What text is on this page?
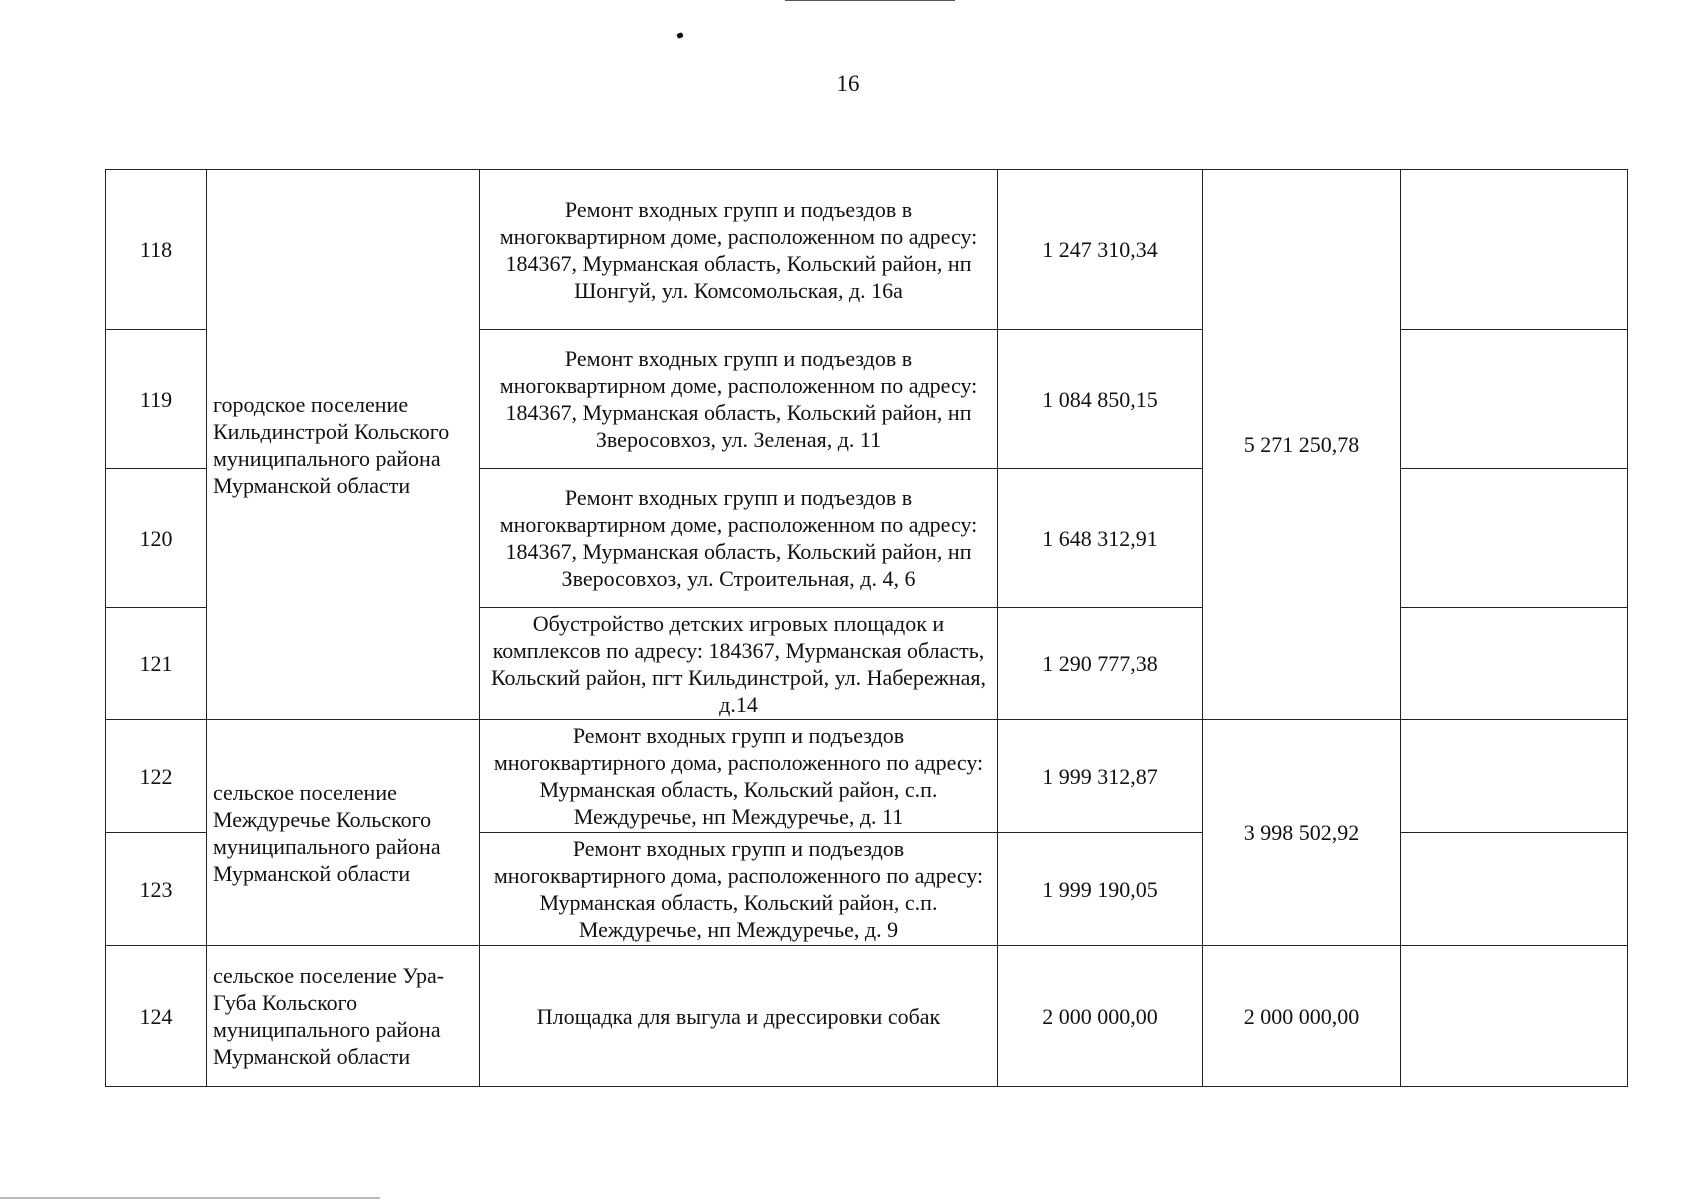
16
118	городское поселение Кильдинстрой Кольского муниципального района Мурманской области	Ремонт входных групп и подъездов в многоквартирном доме, расположенном по адресу: 184367, Мурманская область, Кольский район, нп Шонгуй, ул. Комсомольская, д. 16а	1 247 310,34	5 271 250,78	
119		Ремонт входных групп и подъездов в многоквартирном доме, расположенном по адресу: 184367, Мурманская область, Кольский район, нп Зверосовхоз, ул. Зеленая, д. 11	1 084 850,15		
120		Ремонт входных групп и подъездов в многоквартирном доме, расположенном по адресу: 184367, Мурманская область, Кольский район, нп Зверосовхоз, ул. Строительная, д. 4, 6	1 648 312,91		
121		Обустройство детских игровых площадок и комплексов по адресу: 184367, Мурманская область, Кольский район, пгт Кильдинстрой, ул. Набережная, д.14	1 290 777,38		
122	сельское поселение Междуречье Кольского муниципального района Мурманской области	Ремонт входных групп и подъездов многоквартирного дома, расположенного по адресу: Мурманская область, Кольский район, с.п. Междуречье, нп Междуречье, д. 11	1 999 312,87	3 998 502,92	
123		Ремонт входных групп и подъездов многоквартирного дома, расположенного по адресу: Мурманская область, Кольский район, с.п. Междуречье, нп Междуречье, д. 9	1 999 190,05		
124	сельское поселение Ура-Губа Кольского муниципального района Мурманской области	Площадка для выгула и дрессировки собак	2 000 000,00	2 000 000,00	
